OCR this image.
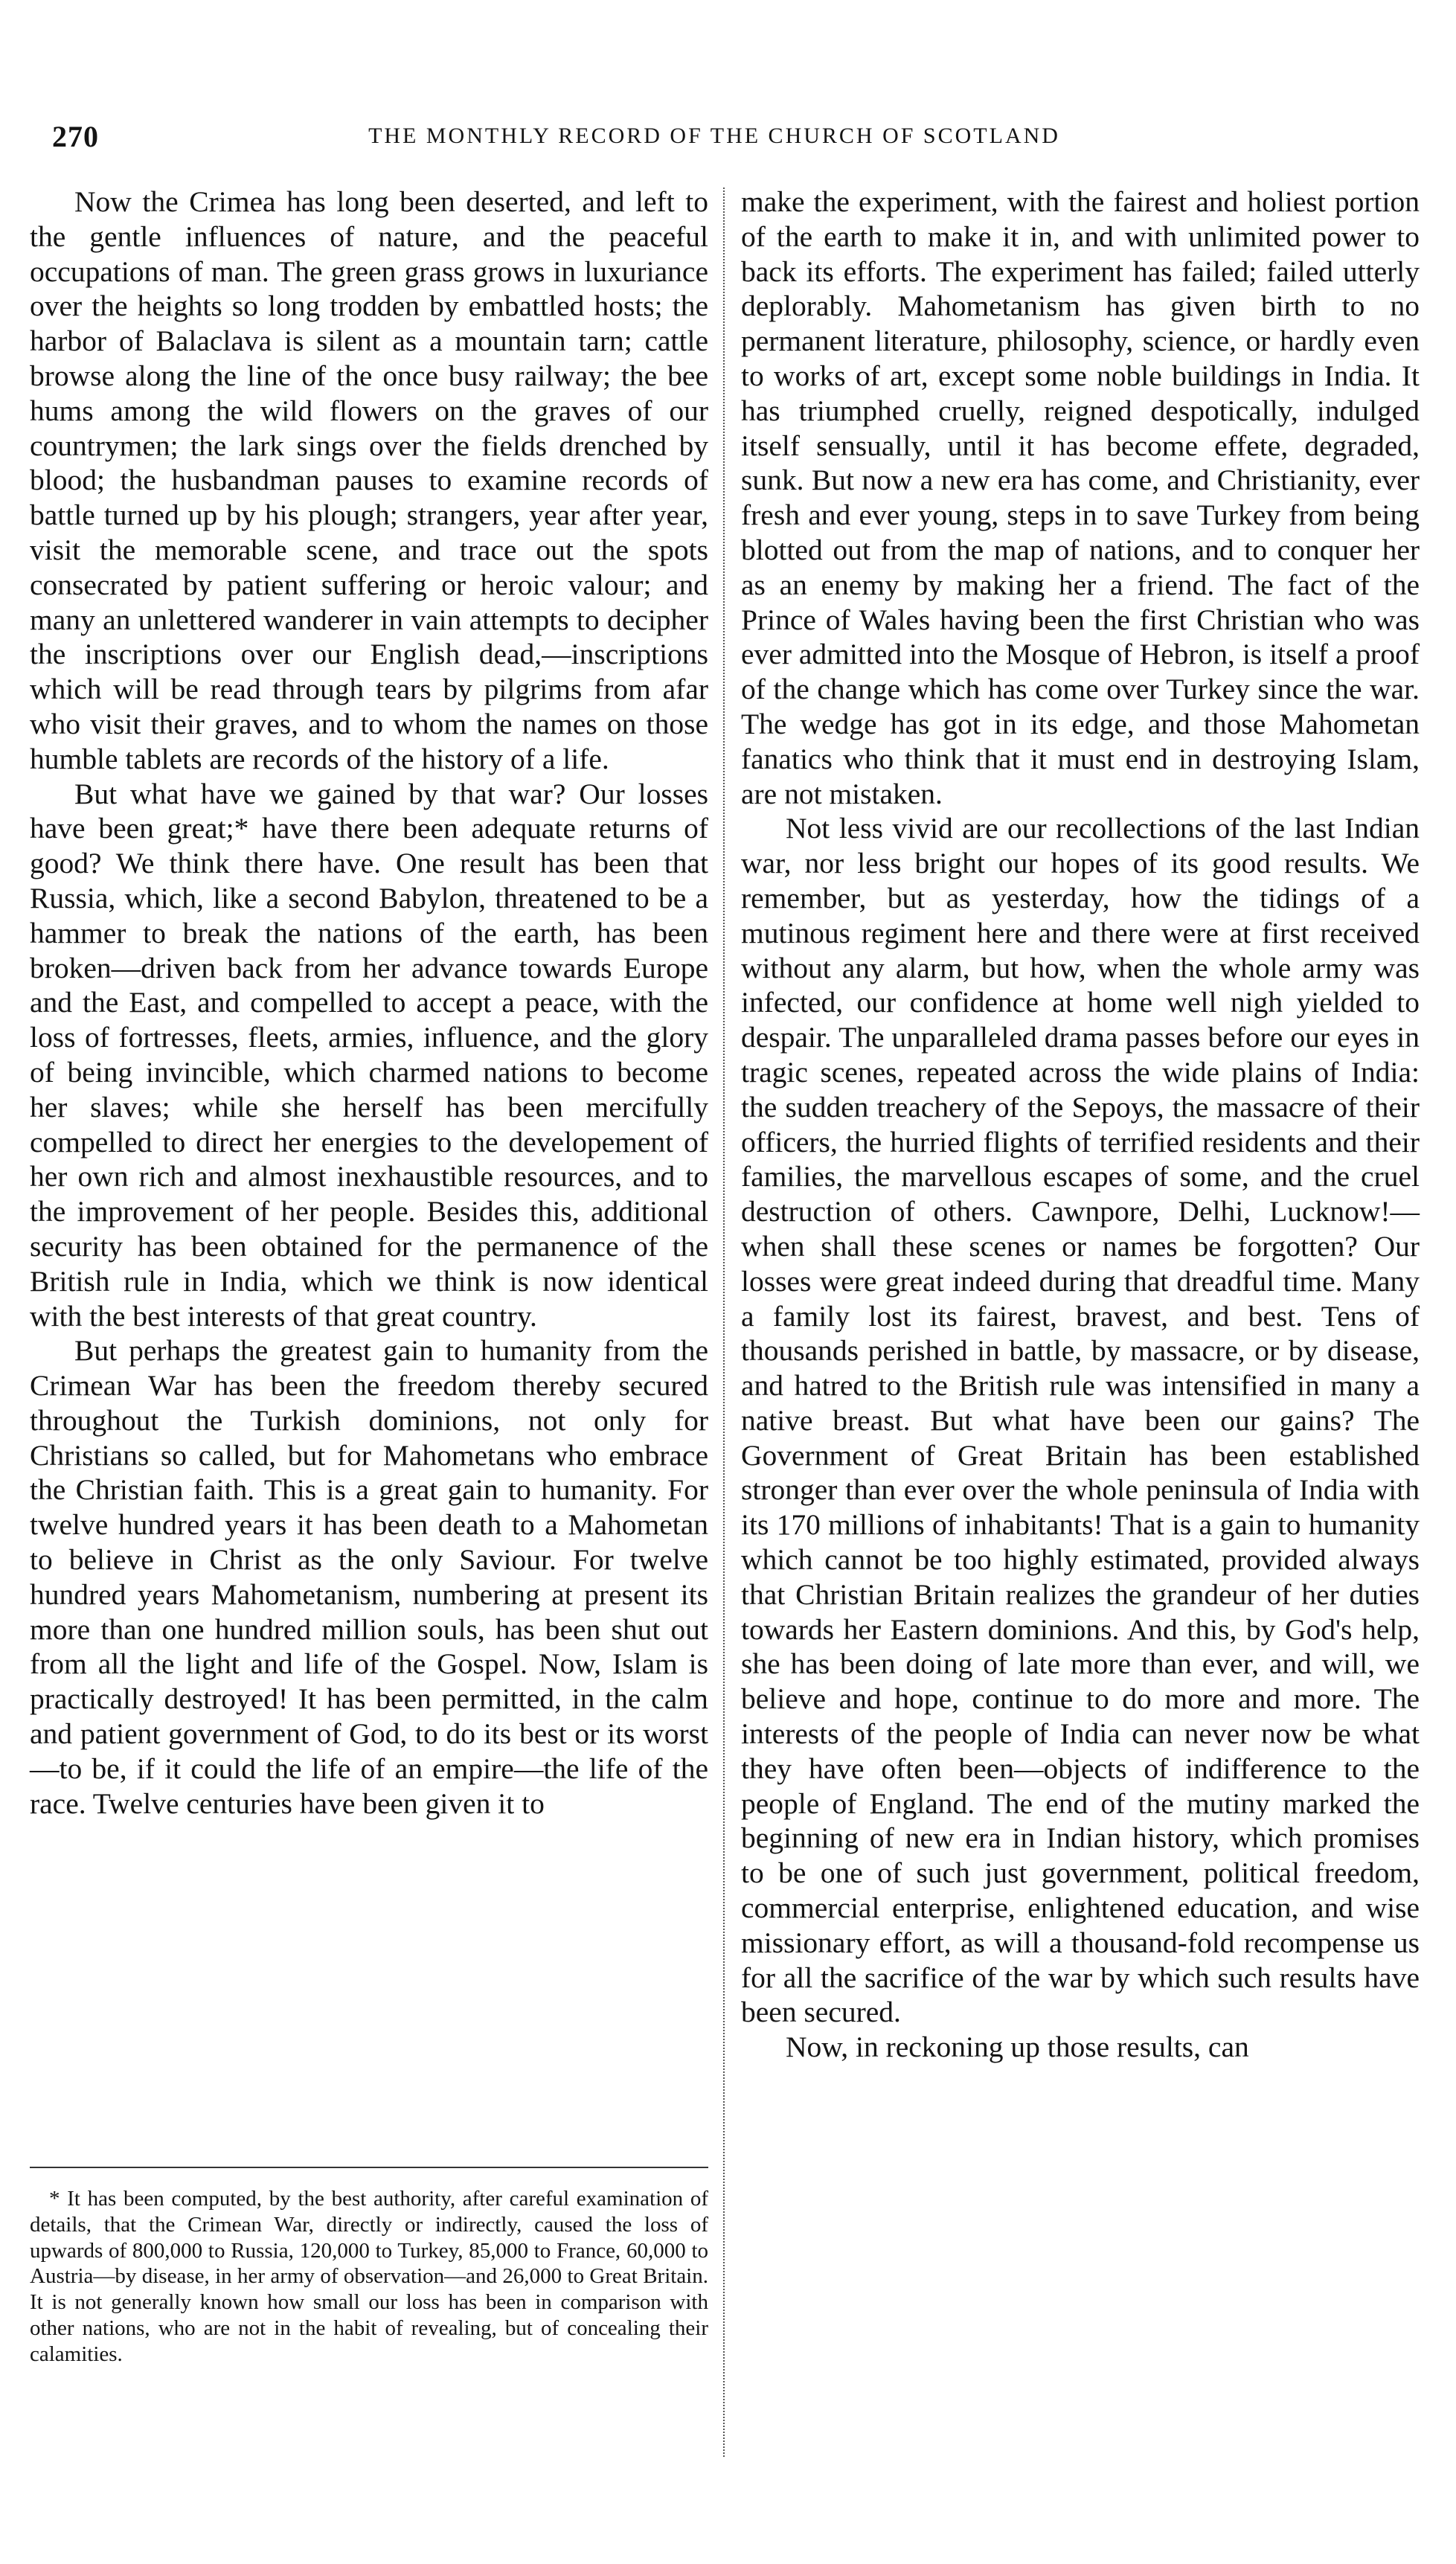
270	THE MONTHLY RECORD OF THE CHURCH OF SCOTLAND

Now the Crimea has long been deserted, and left to the gentle influences of nature, and the peaceful occupations of man. The green grass grows in luxuriance over the heights so long trodden by embattled hosts; the harbor of Balaclava is silent as a mountain tarn; cattle browse along the line of the once busy railway; the bee hums among the wild flowers on the graves of our countrymen; the lark sings over the fields drenched by blood; the husbandman pauses to examine records of battle turned up by his plough; strangers, year after year, visit the memorable scene, and trace out the spots consecrated by patient suffering or heroic valour; and many an unlettered wanderer in vain attempts to decipher the inscriptions over our English dead,—inscriptions which will be read through tears by pilgrims from afar who visit their graves, and to whom the names on those humble tablets are records of the history of a life.

But what have we gained by that war? Our losses have been great;* have there been adequate returns of good? We think there have. One result has been that Russia, which, like a second Babylon, threatened to be a hammer to break the nations of the earth, has been broken—driven back from her advance towards Europe and the East, and compelled to accept a peace, with the loss of fortresses, fleets, armies, influence, and the glory of being invincible, which charmed nations to become her slaves; while she herself has been mercifully compelled to direct her energies to the developement of her own rich and almost inexhaustible resources, and to the improvement of her people. Besides this, additional security has been obtained for the permanence of the British rule in India, which we think is now identical with the best interests of that great country.

But perhaps the greatest gain to humanity from the Crimean War has been the freedom thereby secured throughout the Turkish dominions, not only for Christians so called, but for Mahometans who embrace the Christian faith. This is a great gain to humanity. For twelve hundred years it has been death to a Mahometan to believe in Christ as the only Saviour. For twelve hundred years Mahometanism, numbering at present its more than one hundred million souls, has been shut out from all the light and life of the Gospel. Now, Islam is practically destroyed! It has been permitted, in the calm and patient government of God, to do its best or its worst—to be, if it could the life of an empire—the life of the race. Twelve centuries have been given it to

make the experiment, with the fairest and holiest portion of the earth to make it in, and with unlimited power to back its efforts. The experiment has failed; failed utterly deplorably. Mahometanism has given birth to no permanent literature, philosophy, science, or hardly even to works of art, except some noble buildings in India. It has triumphed cruelly, reigned despotically, indulged itself sensually, until it has become effete, degraded, sunk. But now a new era has come, and Christianity, ever fresh and ever young, steps in to save Turkey from being blotted out from the map of nations, and to conquer her as an enemy by making her a friend. The fact of the Prince of Wales having been the first Christian who was ever admitted into the Mosque of Hebron, is itself a proof of the change which has come over Turkey since the war. The wedge has got in its edge, and those Mahometan fanatics who think that it must end in destroying Islam, are not mistaken.

Not less vivid are our recollections of the last Indian war, nor less bright our hopes of its good results. We remember, but as yesterday, how the tidings of a mutinous regiment here and there were at first received without any alarm, but how, when the whole army was infected, our confidence at home well nigh yielded to despair. The unparalleled drama passes before our eyes in tragic scenes, repeated across the wide plains of India: the sudden treachery of the Sepoys, the massacre of their officers, the hurried flights of terrified residents and their families, the marvellous escapes of some, and the cruel destruction of others. Cawnpore, Delhi, Lucknow!—when shall these scenes or names be forgotten? Our losses were great indeed during that dreadful time. Many a family lost its fairest, bravest, and best. Tens of thousands perished in battle, by massacre, or by disease, and hatred to the British rule was intensified in many a native breast. But what have been our gains? The Government of Great Britain has been established stronger than ever over the whole peninsula of India with its 170 millions of inhabitants! That is a gain to humanity which cannot be too highly estimated, provided always that Christian Britain realizes the grandeur of her duties towards her Eastern dominions. And this, by God's help, she has been doing of late more than ever, and will, we believe and hope, continue to do more and more. The interests of the people of India can never now be what they have often been—objects of indifference to the people of England. The end of the mutiny marked the beginning of new era in Indian history, which promises to be one of such just government, political freedom, commercial enterprise, enlightened education, and wise missionary effort, as will a thousand-fold recompense us for all the sacrifice of the war by which such results have been secured.

Now, in reckoning up those results, can

* It has been computed, by the best authority, after careful examination of details, that the Crimean War, directly or indirectly, caused the loss of upwards of 800,000 to Russia, 120,000 to Turkey, 85,000 to France, 60,000 to Austria—by disease, in her army of observation—and 26,000 to Great Britain. It is not generally known how small our loss has been in comparison with other nations, who are not in the habit of revealing, but of concealing their calamities.
